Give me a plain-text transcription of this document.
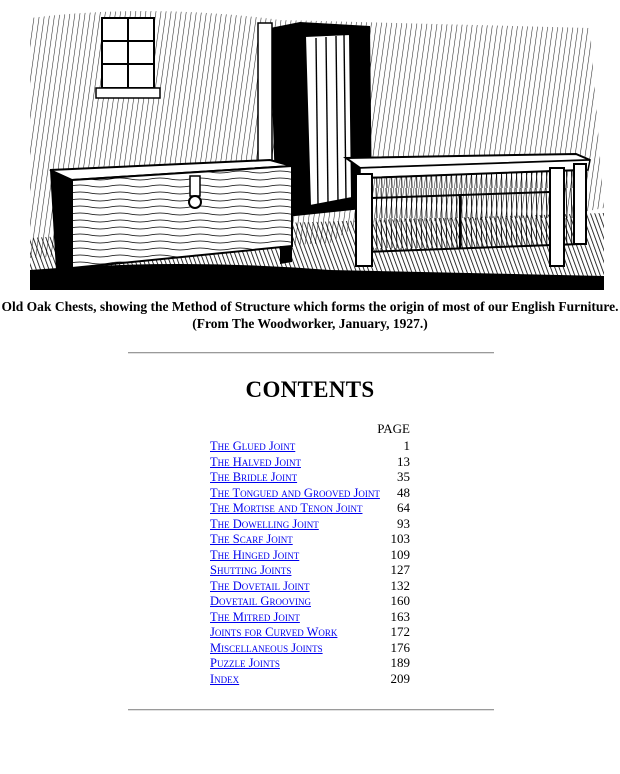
Old Oak Chests, showing the Method of Structure which forms the origin of most of our English Furniture.
(From The Woodworker, January, 1927.)
CONTENTS
PAGE
The Glued Joint	1
The Halved Joint	13
The Bridle Joint	35
The Tongued and Grooved Joint 48
The Mortise and Tenon Joint	64
The Dowelling Joint	93
The Scarf Joint	103
The Hinged Joint	109
Shutting Joints	127
The Dovetail Joint	132
Dovetail Grooving	160
The Mitred Joint	163
Joints for Curved Work	172
Miscellaneous Joints	176
Puzzle Joints	189
Index	209
